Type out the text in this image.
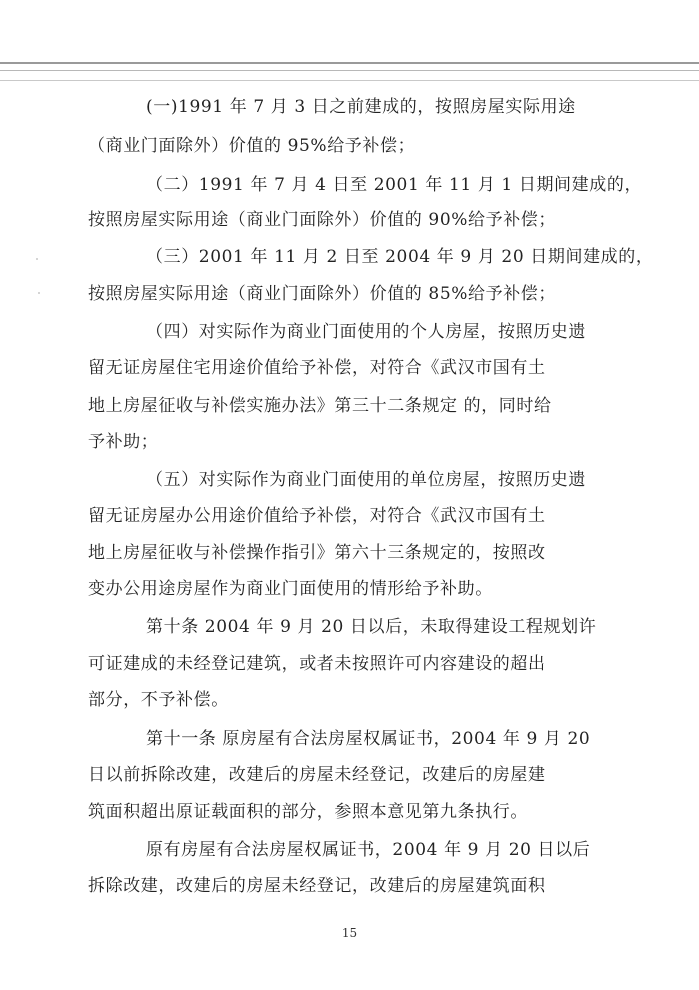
(一)1991 年 7 月 3 日之前建成的，按照房屋实际用途
（商业门面除外）价值的 95%给予补偿；
（二）1991 年 7 月 4 日至 2001 年 11 月 1 日期间建成的，
按照房屋实际用途（商业门面除外）价值的 90%给予补偿；
（三）2001 年 11 月 2 日至 2004 年 9 月 20 日期间建成的，
按照房屋实际用途（商业门面除外）价值的 85%给予补偿；
（四）对实际作为商业门面使用的个人房屋，按照历史遗
留无证房屋住宅用途价值给予补偿，对符合《武汉市国有土
地上房屋征收与补偿实施办法》第三十二条规定 的，同时给
予补助；
（五）对实际作为商业门面使用的单位房屋，按照历史遗
留无证房屋办公用途价值给予补偿，对符合《武汉市国有土
地上房屋征收与补偿操作指引》第六十三条规定的，按照改
变办公用途房屋作为商业门面使用的情形给予补助。
第十条 2004 年 9 月 20 日以后，未取得建设工程规划许
可证建成的未经登记建筑，或者未按照许可内容建设的超出
部分，不予补偿。
第十一条 原房屋有合法房屋权属证书，2004 年 9 月 20
日以前拆除改建，改建后的房屋未经登记，改建后的房屋建
筑面积超出原证载面积的部分，参照本意见第九条执行。
原有房屋有合法房屋权属证书，2004 年 9 月 20 日以后
拆除改建，改建后的房屋未经登记，改建后的房屋建筑面积
15
